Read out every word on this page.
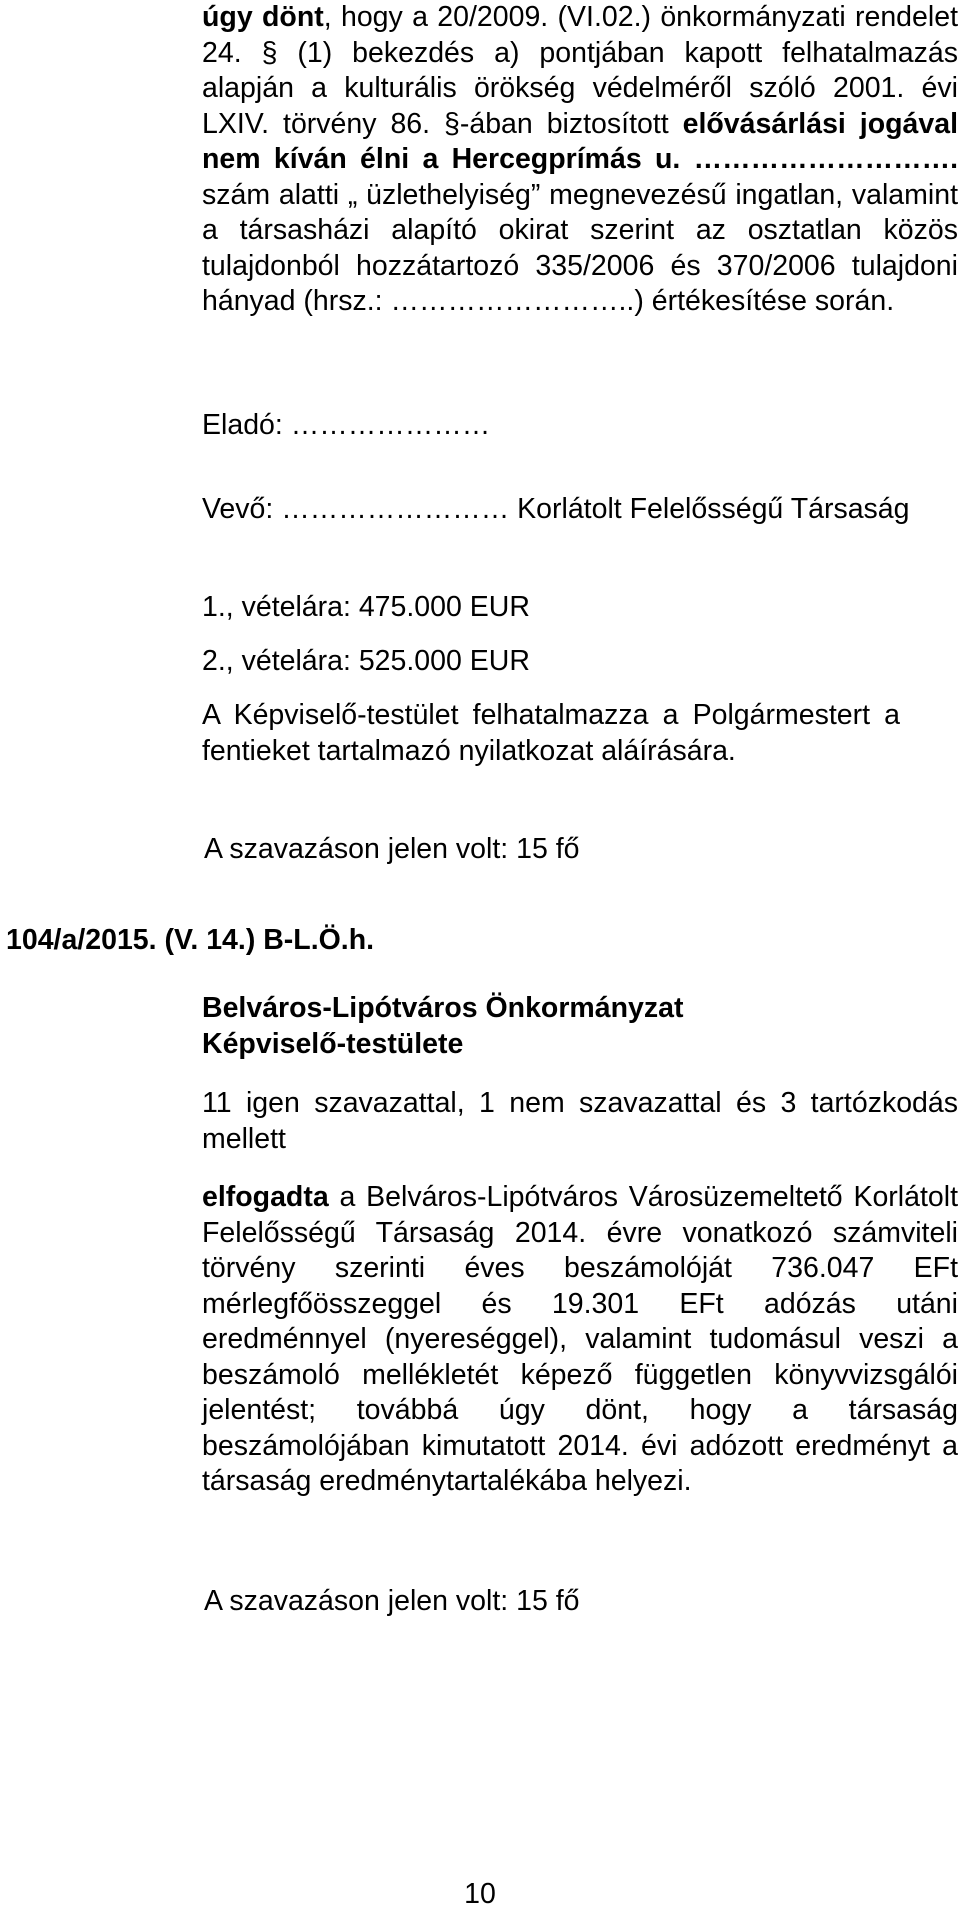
úgy dönt, hogy a 20/2009. (VI.02.) önkormányzati rendelet 24. § (1) bekezdés a) pontjában kapott felhatalmazás alapján a kulturális örökség védelméről szóló 2001. évi LXIV. törvény 86. §-ában biztosított elővásárlási jogával nem kíván élni a Hercegprímás u. ………………………. szám alatti „ üzlethelyiség” megnevezésű ingatlan, valamint a társasházi alapító okirat szerint az osztatlan közös tulajdonból hozzátartozó 335/2006 és 370/2006 tulajdoni hányad (hrsz.: ……………………..) értékesítése során.

Eladó: …………………

Vevő: …………………… Korlátolt Felelősségű Társaság

1., vételára: 475.000 EUR

2., vételára: 525.000 EUR

A Képviselő-testület felhatalmazza a Polgármestert a fentieket tartalmazó nyilatkozat aláírására.

A szavazáson jelen volt: 15 fő

104/a/2015. (V. 14.) B-L.Ö.h.

Belváros-Lipótváros Önkormányzat Képviselő-testülete

11 igen szavazattal, 1 nem szavazattal és 3 tartózkodás mellett

elfogadta a Belváros-Lipótváros Városüzemeltető Korlátolt Felelősségű Társaság 2014. évre vonatkozó számviteli törvény szerinti éves beszámolóját 736.047 EFt mérlegfőösszeggel és 19.301 EFt adózás utáni eredménnyel (nyereséggel), valamint tudomásul veszi a beszámoló mellékletét képező független könyvvizsgálói jelentést; továbbá úgy dönt, hogy a társaság beszámolójában kimutatott 2014. évi adózott eredményt a társaság eredménytartalékába helyezi.

A szavazáson jelen volt: 15 fő

10
